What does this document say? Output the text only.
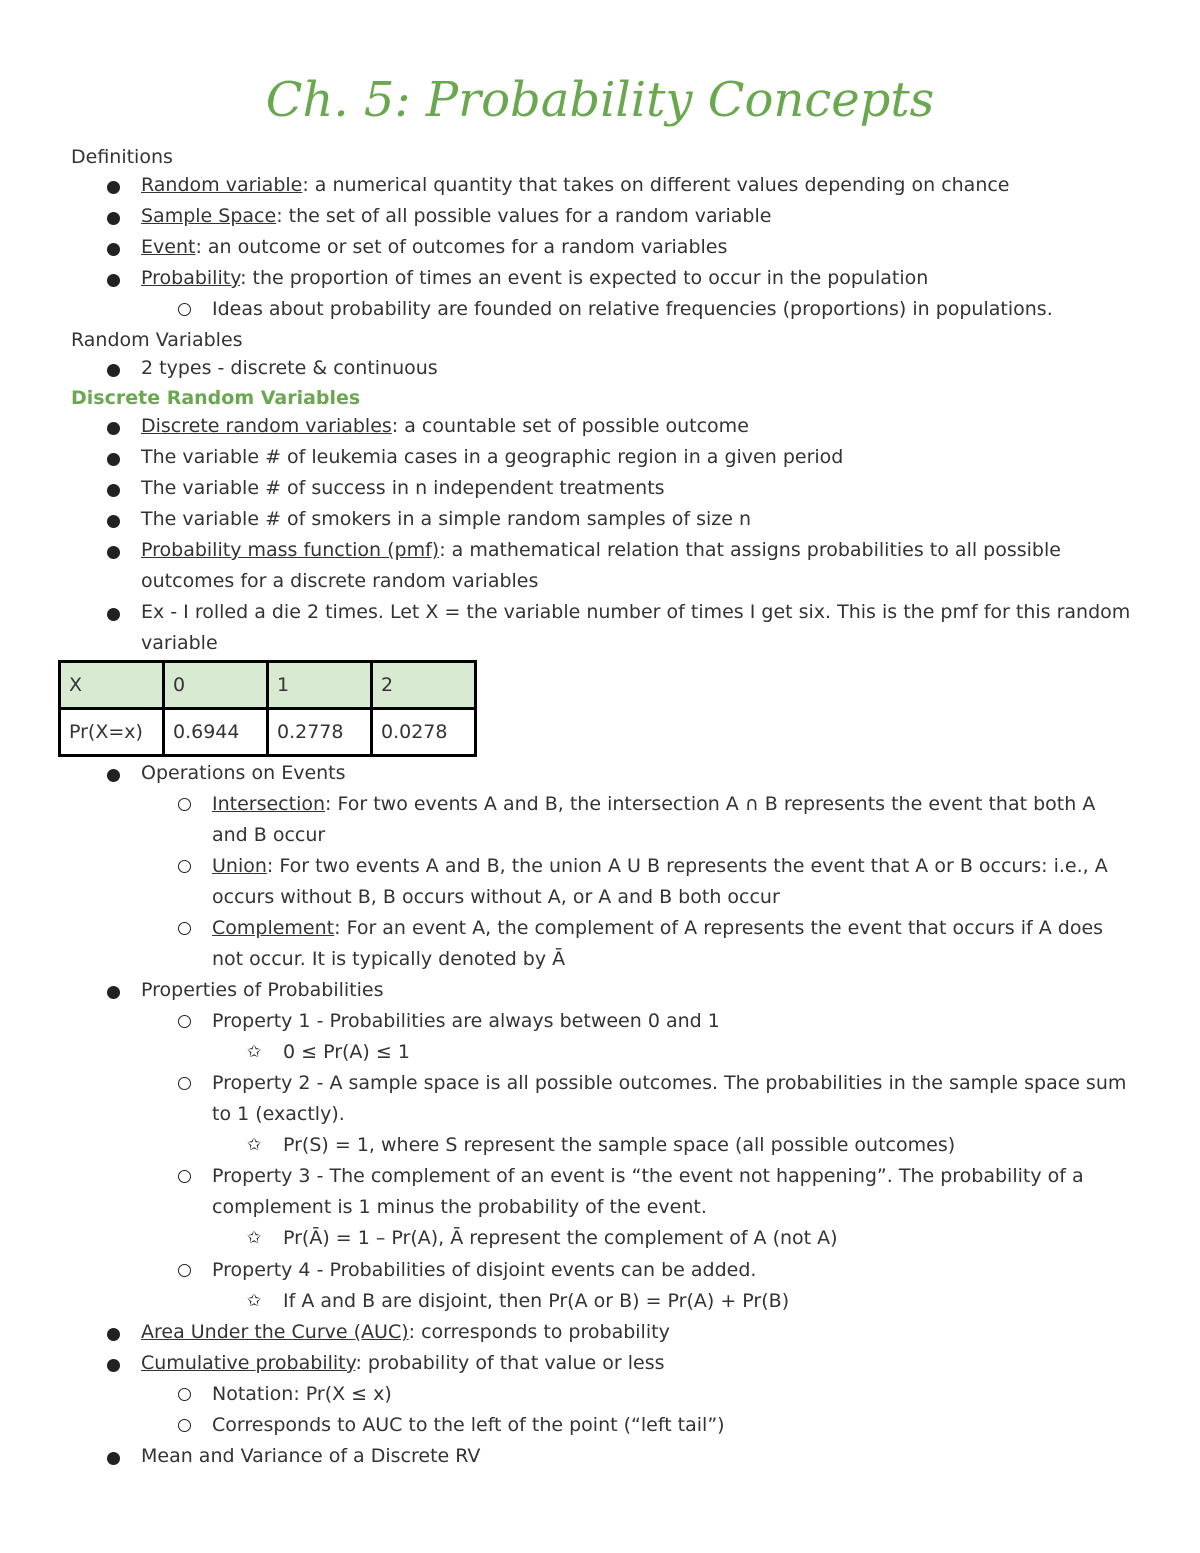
Ch. 5: Probability Concepts
Definitions
Random variable: a numerical quantity that takes on different values depending on chance
Sample Space: the set of all possible values for a random variable
Event: an outcome or set of outcomes for a random variables
Probability: the proportion of times an event is expected to occur in the population
Ideas about probability are founded on relative frequencies (proportions) in populations.
Random Variables
2 types - discrete & continuous
Discrete Random Variables
Discrete random variables: a countable set of possible outcome
The variable # of leukemia cases in a geographic region in a given period
The variable # of success in n independent treatments
The variable # of smokers in a simple random samples of size n
Probability mass function (pmf): a mathematical relation that assigns probabilities to all possible
outcomes for a discrete random variables
Ex - I rolled a die 2 times. Let X = the variable number of times I get six. This is the pmf for this random
variable
X	0	1	2
Pr(X=x)	0.6944	0.2778	0.0278
Operations on Events
Intersection: For two events A and B, the intersection A ∩ B represents the event that both A
and B occur
Union: For two events A and B, the union A U B represents the event that A or B occurs: i.e., A
occurs without B, B occurs without A, or A and B both occur
Complement: For an event A, the complement of A represents the event that occurs if A does
not occur. It is typically denoted by Ā
Properties of Probabilities
Property 1 - Probabilities are always between 0 and 1
✩ 0 ≤ Pr(A) ≤ 1
Property 2 - A sample space is all possible outcomes. The probabilities in the sample space sum
to 1 (exactly).
✩ Pr(S) = 1, where S represent the sample space (all possible outcomes)
Property 3 - The complement of an event is “the event not happening”. The probability of a
complement is 1 minus the probability of the event.
✩ Pr(Ā) = 1 – Pr(A), Ā represent the complement of A (not A)
Property 4 - Probabilities of disjoint events can be added.
✩ If A and B are disjoint, then Pr(A or B) = Pr(A) + Pr(B)
Area Under the Curve (AUC): corresponds to probability
Cumulative probability: probability of that value or less
Notation: Pr(X ≤ x)
Corresponds to AUC to the left of the point (“left tail”)
Mean and Variance of a Discrete RV
